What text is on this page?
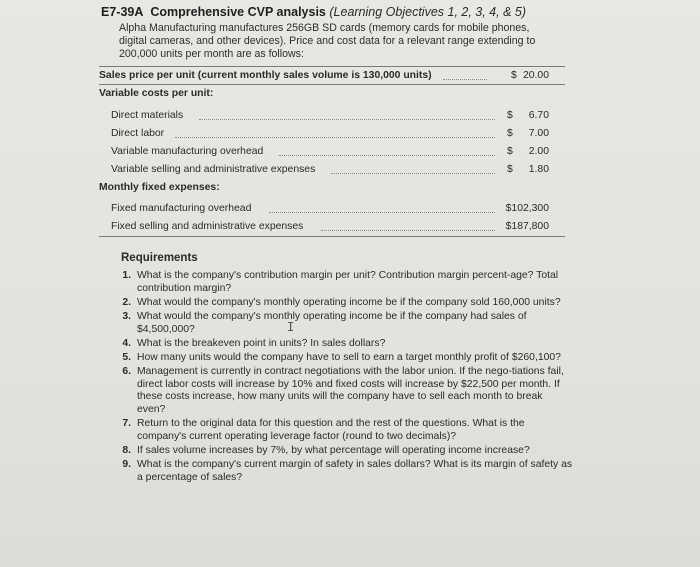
E7-39A Comprehensive CVP analysis (Learning Objectives 1, 2, 3, 4, & 5)
Alpha Manufacturing manufactures 256GB SD cards (memory cards for mobile phones,
digital cameras, and other devices). Price and cost data for a relevant range extending to
200,000 units per month are as follows:
Sales price per unit (current monthly sales volume is 130,000 units)	$ 20.00
Variable costs per unit:
Direct materials	$ 6.70
Direct labor	$ 7.00
Variable manufacturing overhead	$ 2.00
Variable selling and administrative expenses	$ 1.80
Monthly fixed expenses:
Fixed manufacturing overhead	$102,300
Fixed selling and administrative expenses	$187,800
Requirements
1. What is the company's contribution margin per unit? Contribution margin percent-age? Total contribution margin?
2. What would the company's monthly operating income be if the company sold 160,000 units?
3. What would the company's monthly operating income be if the company had sales of $4,500,000?
4. What is the breakeven point in units? In sales dollars?
5. How many units would the company have to sell to earn a target monthly profit of $260,100?
6. Management is currently in contract negotiations with the labor union. If the nego-tiations fail, direct labor costs will increase by 10% and fixed costs will increase by $22,500 per month. If these costs increase, how many units will the company have to sell each month to break even?
7. Return to the original data for this question and the rest of the questions. What is the company's current operating leverage factor (round to two decimals)?
8. If sales volume increases by 7%, by what percentage will operating income increase?
9. What is the company's current margin of safety in sales dollars? What is its margin of safety as a percentage of sales?
I
